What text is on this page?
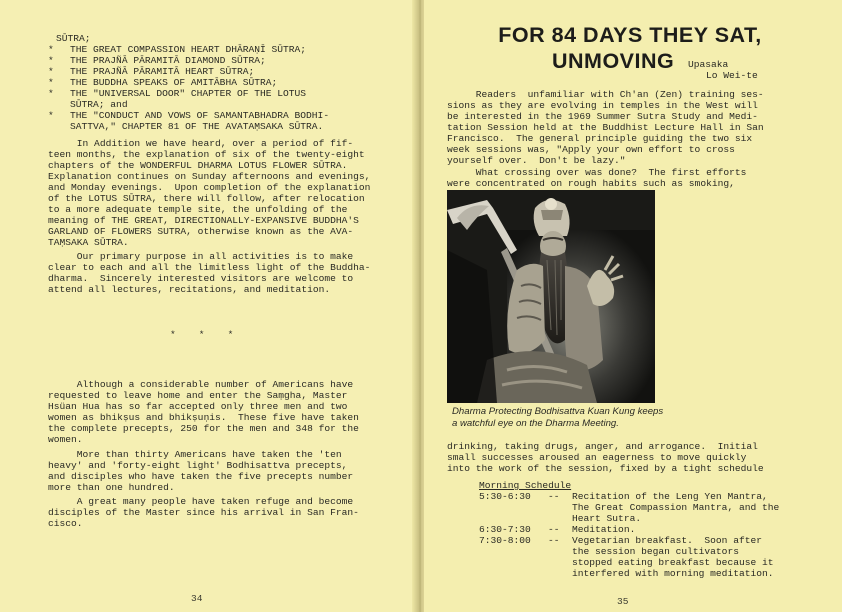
SŪTRA;
* THE GREAT COMPASSION HEART DHĀRAṆĪ SŪTRA;
* THE PRAJÑĀ PĀRAMITĀ DIAMOND SŪTRA;
* THE PRAJÑĀ PĀRAMITĀ HEART SŪTRA;
* THE BUDDHA SPEAKS OF AMITĀBHA SŪTRA;
* THE "UNIVERSAL DOOR" CHAPTER OF THE LOTUS
SŪTRA; and
* THE "CONDUCT AND VOWS OF SAMANTABHADRA BODHI-
SATTVA," CHAPTER 81 OF THE AVATAṂSAKA SŪTRA.
In Addition we have heard, over a period of fif-
teen months, the explanation of six of the twenty-eight
chapters of the WONDERFUL DHARMA LOTUS FLOWER SŪTRA.
Explanation continues on Sunday afternoons and evenings,
and Monday evenings.  Upon completion of the explanation
of the LOTUS SŪTRA, there will follow, after relocation
to a more adequate temple site, the unfolding of the
meaning of THE GREAT, DIRECTIONALLY-EXPANSIVE BUDDHA'S
GARLAND OF FLOWERS SUTRA, otherwise known as the AVA-
TAṂSAKA SŪTRA.
Our primary purpose in all activities is to make
clear to each and all the limitless light of the Buddha-
dharma.  Sincerely interested visitors are welcome to
attend all lectures, recitations, and meditation.
*    *    *
Although a considerable number of Americans have
requested to leave home and enter the Saṃgha, Master
Hsüan Hua has so far accepted only three men and two
women as bhikṣus and bhikṣuṇis.  These five have taken
the complete precepts, 250 for the men and 348 for the
women.
More than thirty Americans have taken the 'ten
heavy' and 'forty-eight light' Bodhisattva precepts,
and disciples who have taken the five precepts number
more than one hundred.
A great many people have taken refuge and become
disciples of the Master since his arrival in San Fran-
cisco.
34
FOR 84 DAYS THEY SAT,
UNMOVING Upasaka
Lo Wei-te
Readers  unfamiliar with Ch'an (Zen) training ses-
sions as they are evolving in temples in the West will
be interested in the 1969 Summer Sutra Study and Medi-
tation Session held at the Buddhist Lecture Hall in San
Francisco.  The general principle guiding the two six
week sessions was, "Apply your own effort to cross
yourself over.  Don't be lazy."
What crossing over was done?  The first efforts
were concentrated on rough habits such as smoking,
Dharma Protecting Bodhisattva Kuan Kung keeps
a watchful eye on the Dharma Meeting.
drinking, taking drugs, anger, and arrogance.  Initial
small successes aroused an eagerness to move quickly
into the work of the session, fixed by a tight schedule
Morning Schedule
5:30-6:30 -- Recitation of the Leng Yen Mantra,
The Great Compassion Mantra, and the
Heart Sutra.
6:30-7:30 -- Meditation.
7:30-8:00 -- Vegetarian breakfast.  Soon after
the session began cultivators
stopped eating breakfast because it
interfered with morning meditation.
35
